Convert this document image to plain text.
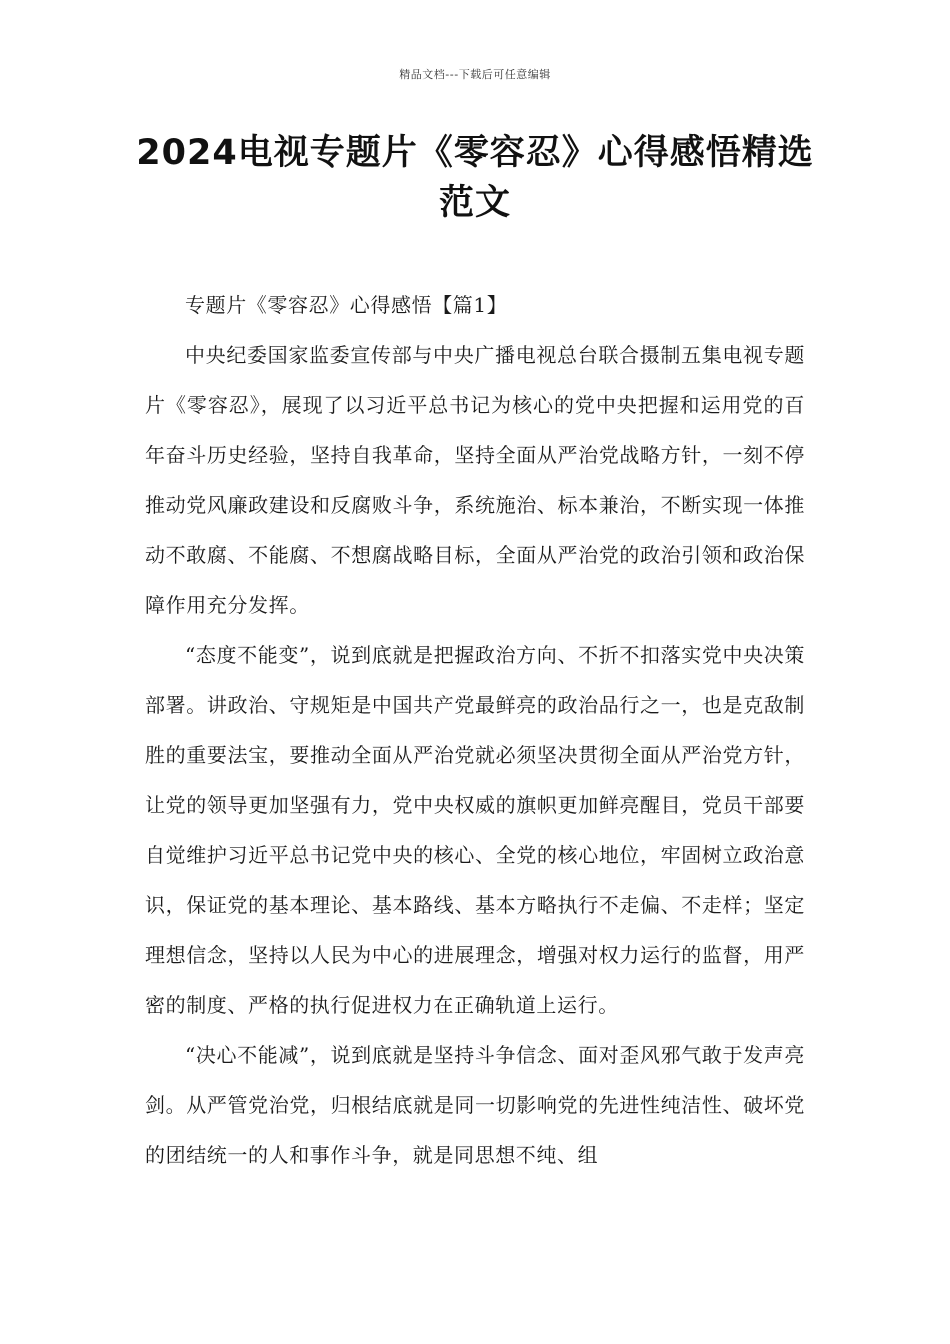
精品文档---下载后可任意编辑
2024电视专题片《零容忍》心得感悟精选范文

专题片《零容忍》心得感悟【篇1】

中央纪委国家监委宣传部与中央广播电视总台联合摄制五集电视专题片《零容忍》，展现了以习近平总书记为核心的党中央把握和运用党的百年奋斗历史经验，坚持自我革命，坚持全面从严治党战略方针，一刻不停推动党风廉政建设和反腐败斗争，系统施治、标本兼治，不断实现一体推动不敢腐、不能腐、不想腐战略目标，全面从严治党的政治引领和政治保障作用充分发挥。

“态度不能变”，说到底就是把握政治方向、不折不扣落实党中央决策部署。讲政治、守规矩是中国共产党最鲜亮的政治品行之一，也是克敌制胜的重要法宝，要推动全面从严治党就必须坚决贯彻全面从严治党方针，让党的领导更加坚强有力，党中央权威的旗帜更加鲜亮醒目，党员干部要自觉维护习近平总书记党中央的核心、全党的核心地位，牢固树立政治意识，保证党的基本理论、基本路线、基本方略执行不走偏、不走样；坚定理想信念，坚持以人民为中心的进展理念，增强对权力运行的监督，用严密的制度、严格的执行促进权力在正确轨道上运行。

“决心不能减”，说到底就是坚持斗争信念、面对歪风邪气敢于发声亮剑。从严管党治党，归根结底就是同一切影响党的先进性纯洁性、破坏党的团结统一的人和事作斗争，就是同思想不纯、组
